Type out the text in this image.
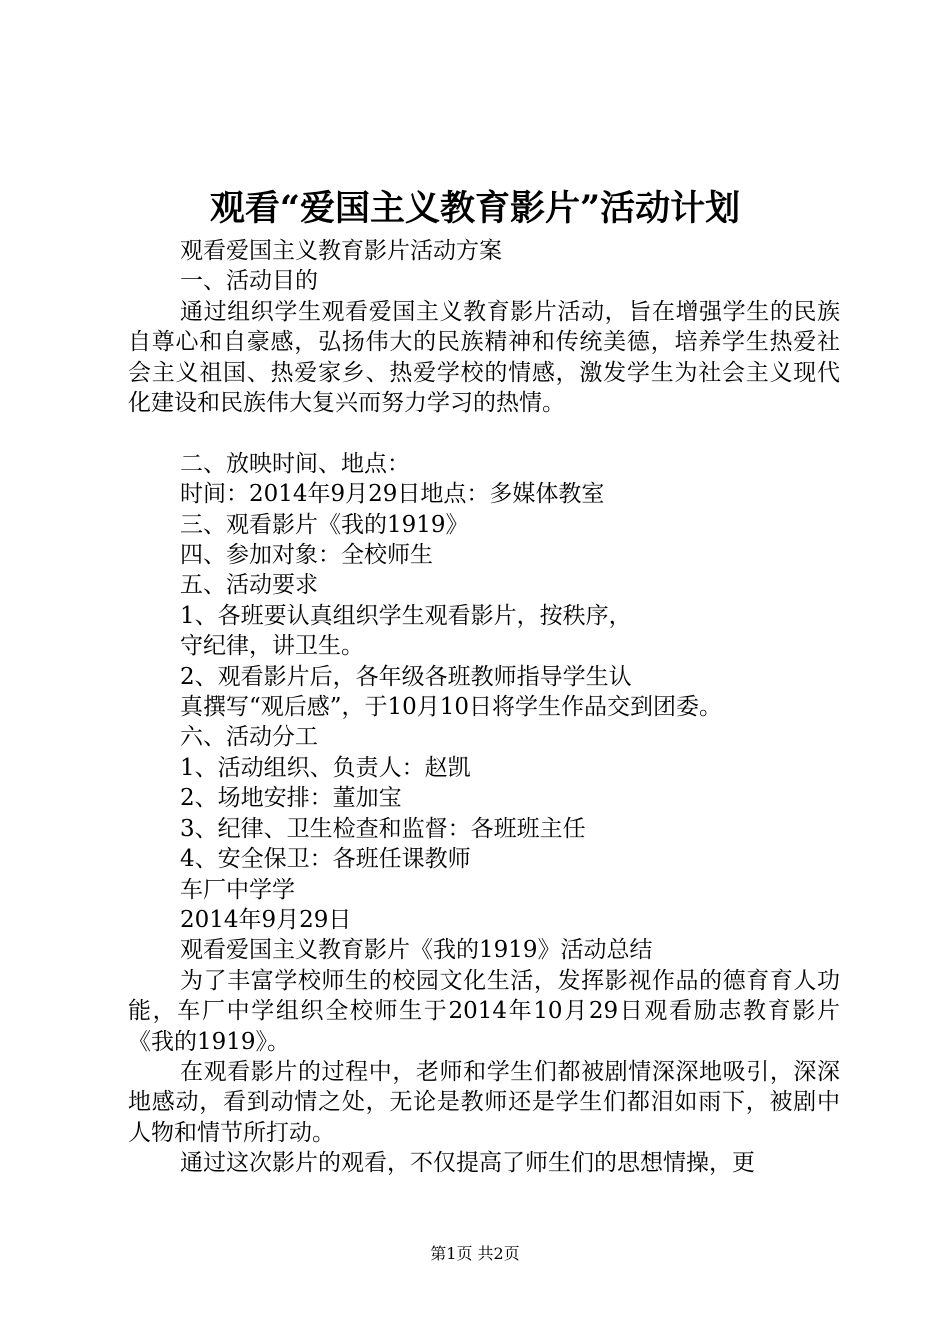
观看“爱国主义教育影片”活动计划

观看爱国主义教育影片活动方案

一、活动目的

通过组织学生观看爱国主义教育影片活动，旨在增强学生的民族自尊心和自豪感，弘扬伟大的民族精神和传统美德，培养学生热爱社会主义祖国、热爱家乡、热爱学校的情感，激发学生为社会主义现代化建设和民族伟大复兴而努力学习的热情。

二、放映时间、地点：

时间：2014年9月29日地点：多媒体教室

三、观看影片《我的1919》

四、参加对象：全校师生

五、活动要求

1、各班要认真组织学生观看影片，按秩序，

守纪律，讲卫生。

2、观看影片后，各年级各班教师指导学生认

真撰写“观后感”，于10月10日将学生作品交到团委。

六、活动分工

1、活动组织、负责人：赵凯

2、场地安排：董加宝

3、纪律、卫生检查和监督：各班班主任

4、安全保卫：各班任课教师

车厂中学学

2014年9月29日

观看爱国主义教育影片《我的1919》活动总结

为了丰富学校师生的校园文化生活，发挥影视作品的德育育人功能，车厂中学组织全校师生于2014年10月29日观看励志教育影片《我的1919》。

在观看影片的过程中，老师和学生们都被剧情深深地吸引，深深地感动，看到动情之处，无论是教师还是学生们都泪如雨下，被剧中人物和情节所打动。

通过这次影片的观看，不仅提高了师生们的思想情操，更

第1页 共2页
